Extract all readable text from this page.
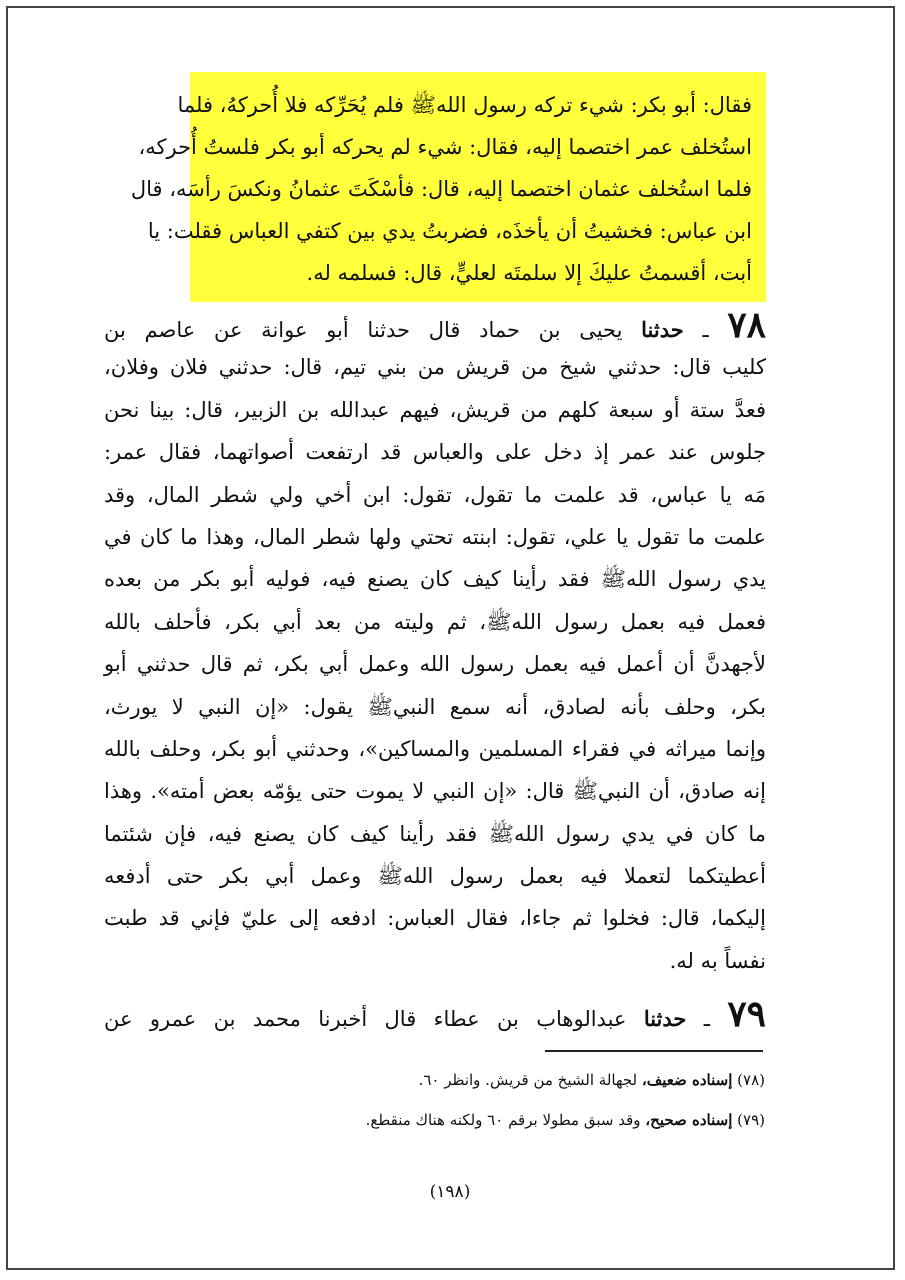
فقال: أبو بكر: شيء تركه رسول اللهﷺ فلم يُحَرِّكه فلا أُحركهُ، فلما
استُخلف عمر اختصما إليه، فقال: شيء لم يحركه أبو بكر فلستُ أُحركه،
فلما استُخلف عثمان اختصما إليه، قال: فأسْكَتَ عثمانُ ونكسَ رأسَه، قال
ابن عباس: فخشيتُ أن يأخذَه، فضربتُ يدي بين كتفي العباس فقلت: يا
أبت، أقسمتُ عليكَ إلا سلمتَه لعليٍّ، قال: فسلمه له.
٧٨ ـ حدثنا يحيى بن حماد قال حدثنا أبو عوانة عن عاصم بن
كليب قال: حدثني شيخ من قريش من بني تيم، قال: حدثني فلان وفلان،
فعدَّ ستة أو سبعة كلهم من قريش، فيهم عبدالله بن الزبير، قال: بينا نحن
جلوس عند عمر إذ دخل على والعباس قد ارتفعت أصواتهما، فقال عمر:
مَه يا عباس، قد علمت ما تقول، تقول: ابن أخي ولي شطر المال، وقد
علمت ما تقول يا علي، تقول: ابنته تحتي ولها شطر المال، وهذا ما كان في
يدي رسول اللهﷺ فقد رأينا كيف كان يصنع فيه، فوليه أبو بكر من بعده
فعمل فيه بعمل رسول اللهﷺ، ثم وليته من بعد أبي بكر، فأحلف بالله
لأجهدنَّ أن أعمل فيه بعمل رسول الله وعمل أبي بكر، ثم قال حدثني أبو
بكر، وحلف بأنه لصادق، أنه سمع النبيﷺ يقول: «إن النبي لا يورث،
وإنما ميراثه في فقراء المسلمين والمساكين»، وحدثني أبو بكر، وحلف بالله
إنه صادق، أن النبيﷺ قال: «إن النبي لا يموت حتى يؤمّه بعض أمته». وهذا
ما كان في يدي رسول اللهﷺ فقد رأينا كيف كان يصنع فيه، فإن شئتما
أعطيتكما لتعملا فيه بعمل رسول اللهﷺ وعمل أبي بكر حتى أدفعه
إليكما، قال: فخلوا ثم جاءا، فقال العباس: ادفعه إلى عليّ فإني قد طبت
نفساً به له.
٧٩ ـ حدثنا عبدالوهاب بن عطاء قال أخبرنا محمد بن عمرو عن
(٧٨) إسناده ضعيف، لجهالة الشيخ من قريش. وانظر ٦٠.
(٧٩) إسناده صحيح، وقد سبق مطولا برقم ٦٠ ولكنه هناك منقطع.
(١٩٨)
